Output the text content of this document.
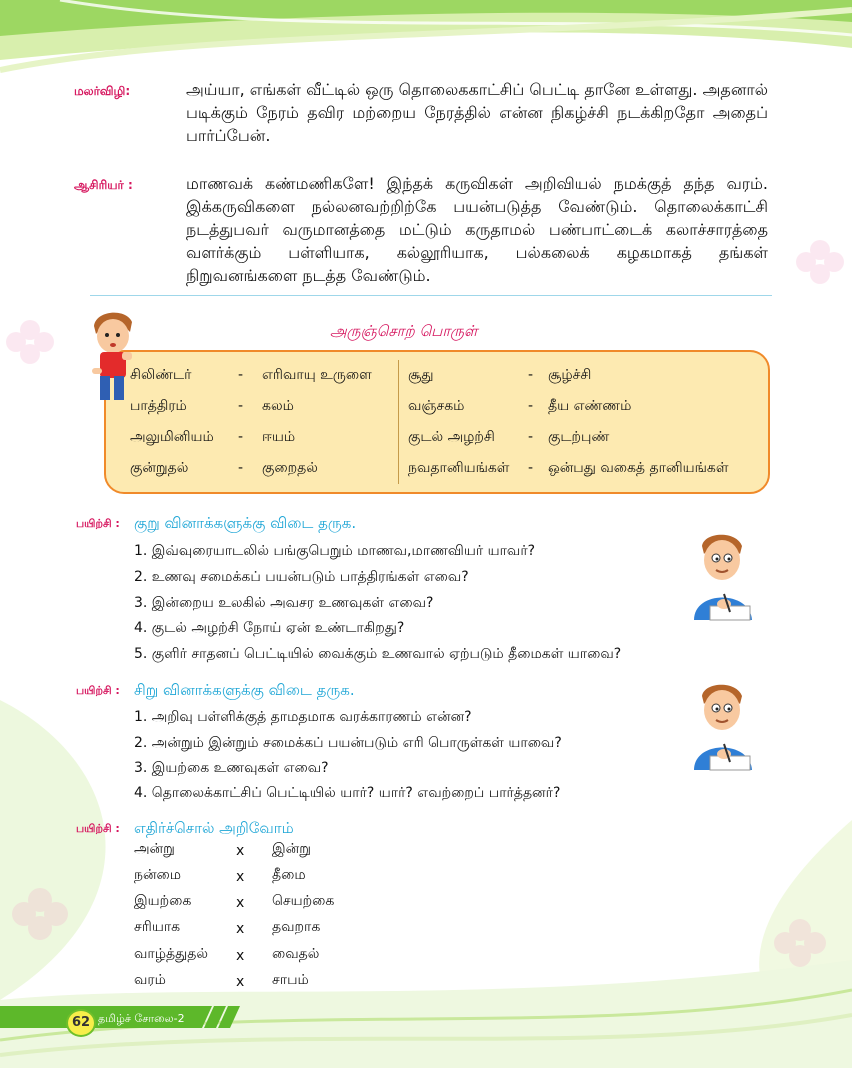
மலர்விழி:	அய்யா, எங்கள் வீட்டில் ஒரு தொலைககாட்சிப் பெட்டி தானே உள்ளது. அதனால் படிக்கும் நேரம் தவிர மற்றைய நேரத்தில் என்ன நிகழ்ச்சி நடக்கிறதோ அதைப் பார்ப்பேன்.
ஆசிரியர் :	மாணவக் கண்மணிகளே! இந்தக் கருவிகள் அறிவியல் நமக்குத் தந்த வரம். இக்கருவிகளை நல்லனவற்றிற்கே பயன்படுத்த வேண்டும். தொலைக்காட்சி நடத்துபவர் வருமானத்தை மட்டும் கருதாமல் பண்பாட்டைக் கலாச்சாரத்தை வளர்க்கும் பள்ளியாக, கல்லூரியாக, பல்கலைக் கழகமாகத் தங்கள் நிறுவனங்களை நடத்த வேண்டும்.
அருஞ்சொற் பொருள்
சிலிண்டர்	- எரிவாயு உருளை
பாத்திரம்	- கலம்
அலுமினியம் - ஈயம்
குன்றுதல்	- குறைதல்
சூது	- சூழ்ச்சி
வஞ்சகம்	- தீய எண்ணம்
குடல் அழற்சி - குடற்புண்
நவதானியங்கள் - ஒன்பது வகைத் தானியங்கள்
பயிற்சி : குறு வினாக்களுக்கு விடை தருக.
1. இவ்வுரையாடலில் பங்குபெறும் மாணவ,மாணவியர் யாவர்?
2. உணவு சமைக்கப் பயன்படும் பாத்திரங்கள் எவை?
3. இன்றைய உலகில் அவசர உணவுகள் எவை?
4. குடல் அழற்சி நோய் ஏன் உண்டாகிறது?
5. குளிர் சாதனப் பெட்டியில் வைக்கும் உணவால் ஏற்படும் தீமைகள் யாவை?
பயிற்சி : சிறு வினாக்களுக்கு விடை தருக.
1. அறிவு பள்ளிக்குத் தாமதமாக வரக்காரணம் என்ன?
2. அன்றும் இன்றும் சமைக்கப் பயன்படும் எரி பொருள்கள் யாவை?
3. இயற்கை உணவுகள் எவை?
4. தொலைக்காட்சிப் பெட்டியில் யார்? யார்? எவற்றைப் பார்த்தனர்?
பயிற்சி : எதிர்ச்சொல் அறிவோம்
அன்று	x இன்று
நன்மை	x தீமை
இயற்கை	x செயற்கை
சரியாக	x தவறாக
வாழ்த்துதல் x வைதல்
வரம்	x சாபம்
62 தமிழ்ச் சோலை-2
